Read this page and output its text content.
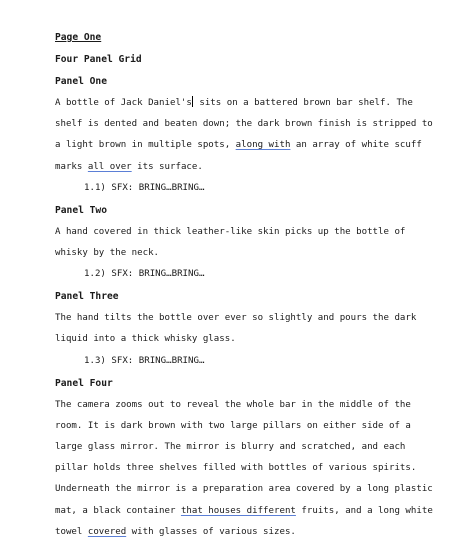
Page One
Four Panel Grid
Panel One

A bottle of Jack Daniel's sits on a battered brown bar shelf. The

shelf is dented and beaten down; the dark brown finish is stripped to

a light brown in multiple spots, along with an array of white scuff

marks all over its surface.

1.1) SFX: BRING…BRING…
Panel Two

A hand covered in thick leather-like skin picks up the bottle of

whisky by the neck.

1.2) SFX: BRING…BRING…
Panel Three

The hand tilts the bottle over ever so slightly and pours the dark

liquid into a thick whisky glass.

1.3) SFX: BRING…BRING…
Panel Four

The camera zooms out to reveal the whole bar in the middle of the

room. It is dark brown with two large pillars on either side of a

large glass mirror. The mirror is blurry and scratched, and each

pillar holds three shelves filled with bottles of various spirits.

Underneath the mirror is a preparation area covered by a long plastic

mat, a black container that houses different fruits, and a long white

towel covered with glasses of various sizes.
